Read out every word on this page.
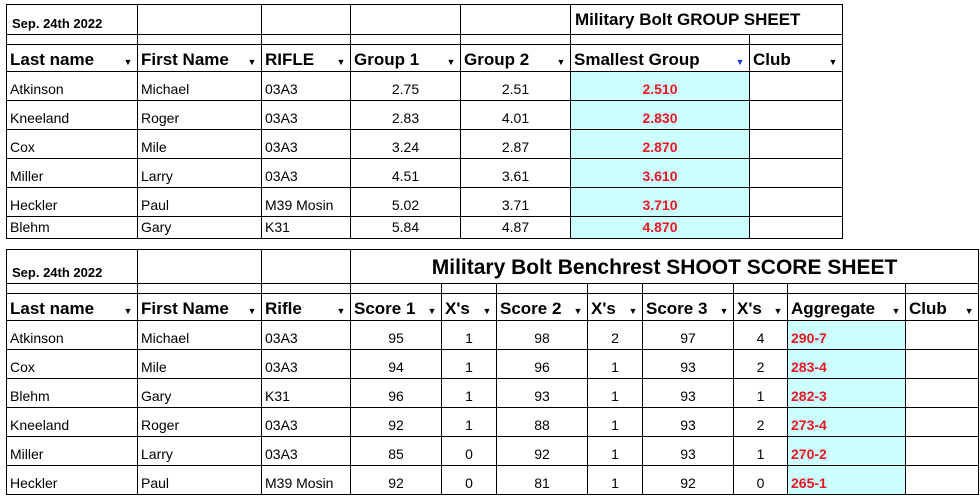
Sep. 24th 2022					Military Bolt GROUP SHEET	

Last name ▼	First Name ▼	RIFLE ▼	Group 1 ▼	Group 2 ▼	Smallest Group ▼	Club ▼

Atkinson	Michael	03A3	2.75	2.51	2.510	
Kneeland	Roger	03A3	2.83	4.01	2.830	
Cox	Mile	03A3	3.24	2.87	2.870	
Miller	Larry	03A3	4.51	3.61	3.610	
Heckler	Paul	M39 Mosin	5.02	3.71	3.710	
Blehm	Gary	K31	5.84	4.87	4.870	
Sep. 24th 2022			Military Bolt Benchrest SHOOT SCORE SHEET							

Last name ▼	First Name ▼	Rifle ▼	Score 1 ▼	X's ▼	Score 2 ▼	X's ▼	Score 3 ▼	X's ▼	Aggregate ▼	Club ▼

Atkinson	Michael	03A3	95	1	98	2	97	4	290-7	
Cox	Mile	03A3	94	1	96	1	93	2	283-4	
Blehm	Gary	K31	96	1	93	1	93	1	282-3	
Kneeland	Roger	03A3	92	1	88	1	93	2	273-4	
Miller	Larry	03A3	85	0	92	1	93	1	270-2	
Heckler	Paul	M39 Mosin	92	0	81	1	92	0	265-1	
